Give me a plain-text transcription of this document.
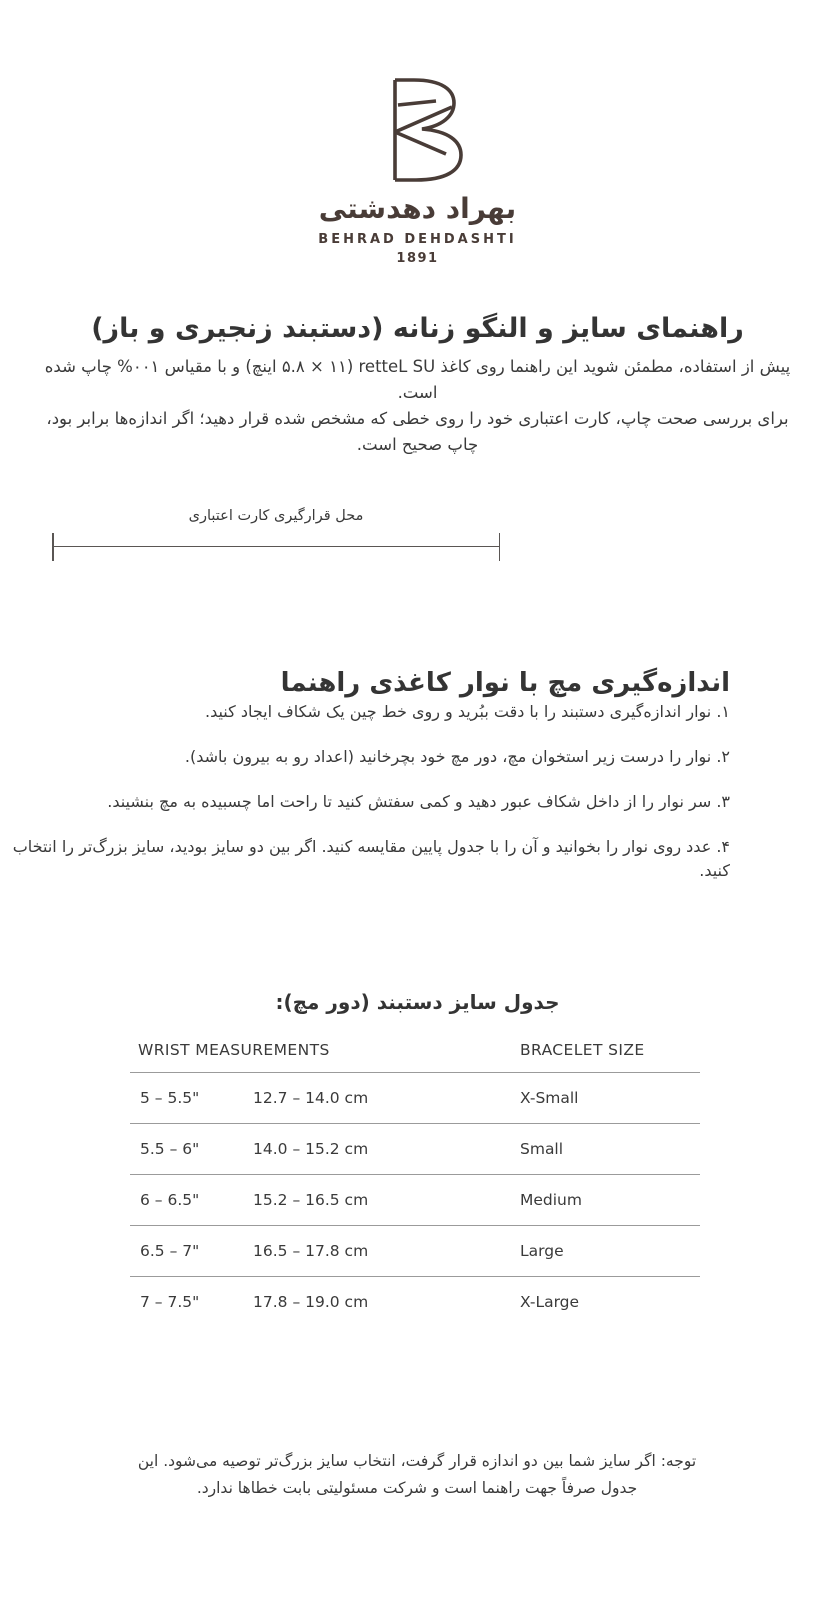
بهراد دهدشتی
BEHRAD DEHDASHTI
1891
راهنمای سایز و النگو زنانه (دستبند زنجیری و باز)
پیش از استفاده، مطمئن شوید این راهنما روی کاغذ retteL SU (۵.۸ × ۱۱ اینچ) و با مقیاس ۰۰۱% چاپ شده است.
برای بررسی صحت چاپ، کارت اعتباری خود را روی خطی که مشخص شده قرار دهید؛ اگر اندازه‌ها برابر بود، چاپ صحیح است.
محل قرارگیری کارت اعتباری
اندازه‌گیری مچ با نوار کاغذی راهنما
۱. نوار اندازه‌گیری دستبند را با دقت ببُرید و روی خط چین یک شکاف ایجاد کنید.
۲. نوار را درست زیر استخوان مچ، دور مچ خود بچرخانید (اعداد رو به بیرون باشد).
۳. سر نوار را از داخل شکاف عبور دهید و کمی سفتش کنید تا راحت اما چسبیده به مچ بنشیند.
۴. عدد روی نوار را بخوانید و آن را با جدول پایین مقایسه کنید. اگر بین دو سایز بودید، سایز بزرگ‌تر را انتخاب کنید.
جدول سایز دستبند (دور مچ):
WRIST MEASUREMENTS	BRACELET SIZE
5 – 5.5"	12.7 – 14.0 cm	X-Small
5.5 – 6"	14.0 – 15.2 cm	Small
6 – 6.5"	15.2 – 16.5 cm	Medium
6.5 – 7"	16.5 – 17.8 cm	Large
7 – 7.5"	17.8 – 19.0 cm	X-Large
توجه: اگر سایز شما بین دو اندازه قرار گرفت، انتخاب سایز بزرگ‌تر توصیه می‌شود. این
جدول صرفاً جهت راهنما است و شرکت مسئولیتی بابت خطاها ندارد.
